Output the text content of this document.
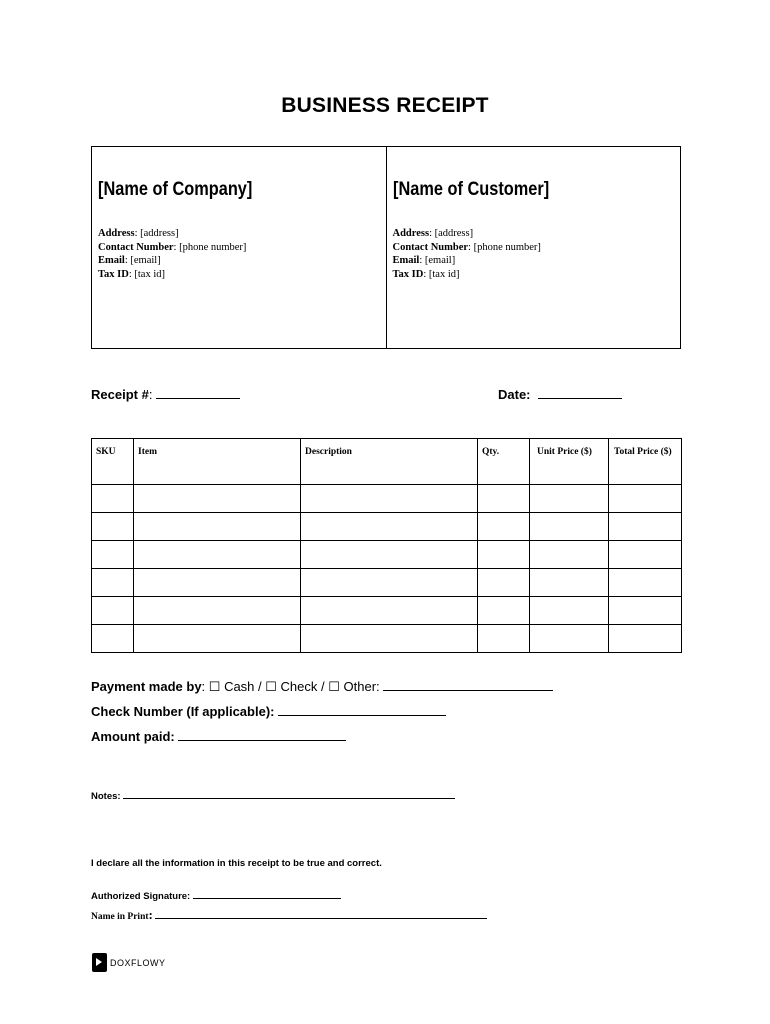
BUSINESS RECEIPT
[Name of Company]
Address: [address]
Contact Number: [phone number]
Email: [email]
Tax ID: [tax id]
[Name of Customer]
Address: [address]
Contact Number: [phone number]
Email: [email]
Tax ID: [tax id]
Receipt #:	Date:
SKU	Item	Description	Qty.	Unit Price ($)	Total Price ($)

Payment made by: ☐ Cash / ☐ Check / ☐ Other:
Check Number (If applicable):
Amount paid:
Notes:
I declare all the information in this receipt to be true and correct.
Authorized Signature:
Name in Print:
DOXFLOWY
